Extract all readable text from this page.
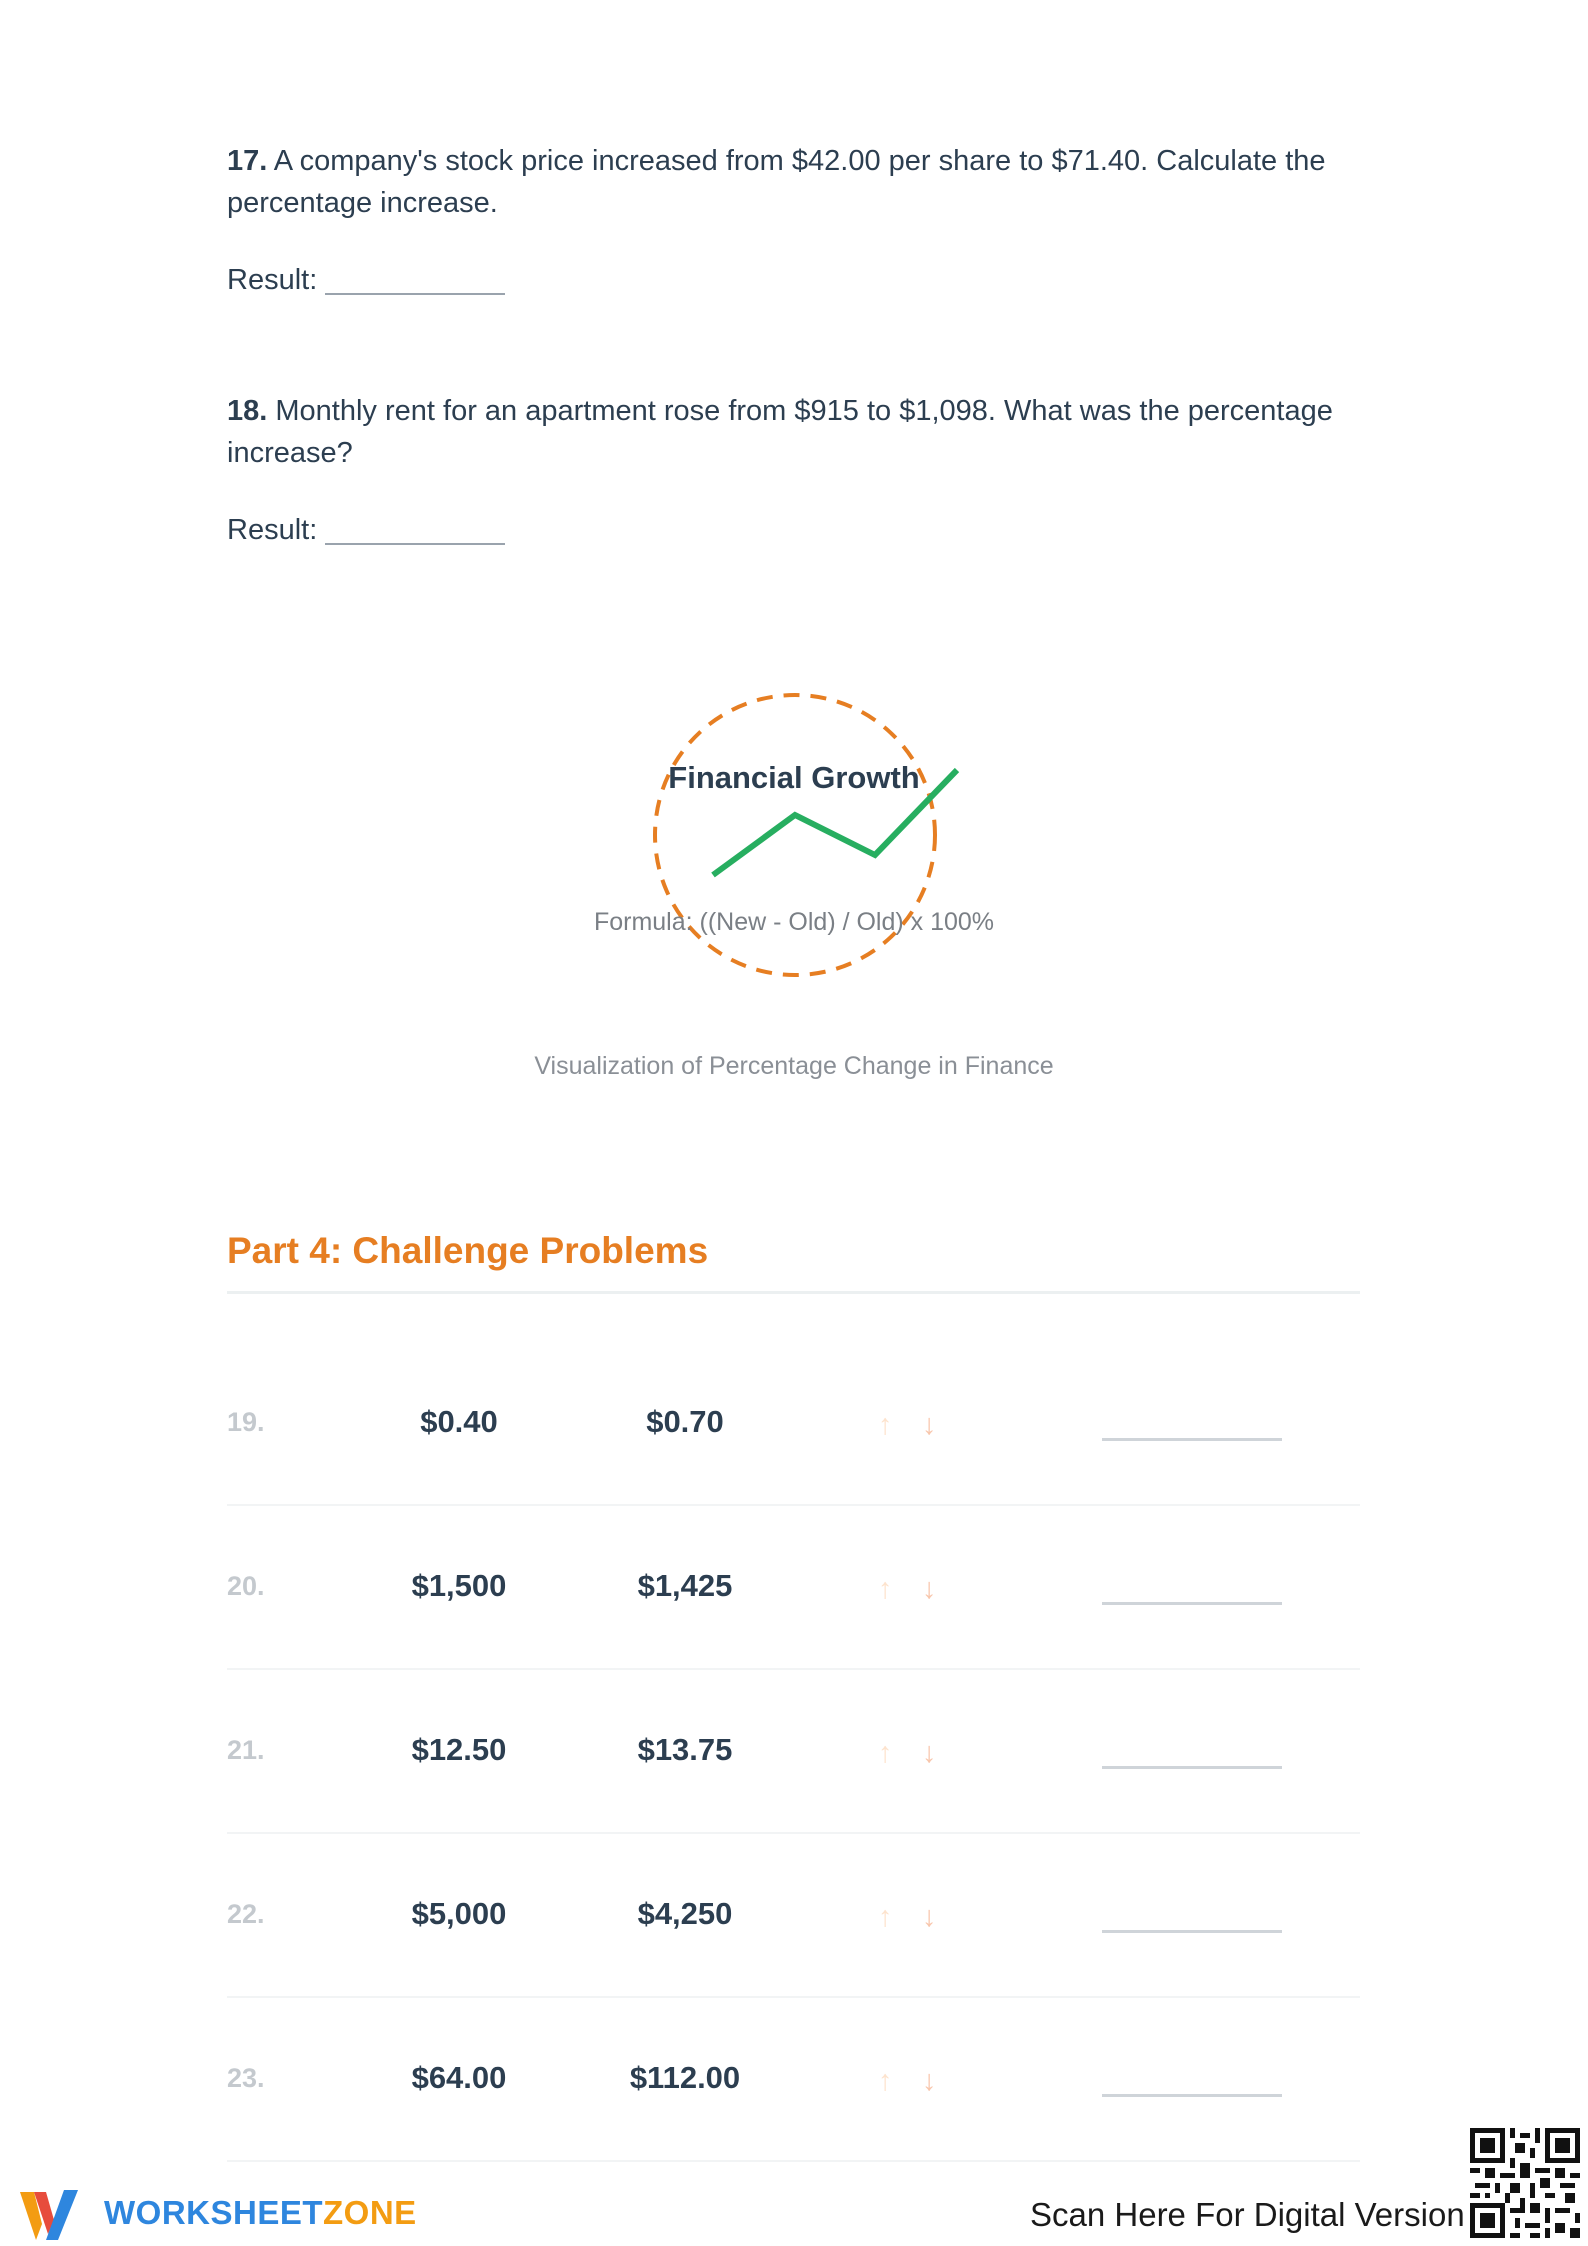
17. A company's stock price increased from $42.00 per share to $71.40. Calculate the percentage increase.
Result:
18. Monthly rent for an apartment rose from $915 to $1,098. What was the percentage increase?
Result:
Financial Growth
Formula: ((New - Old) / Old) x 100%
Visualization of Percentage Change in Finance
Part 4: Challenge Problems
19.	$0.40	$0.70	↑ ↓
20.	$1,500	$1,425	↑ ↓
21.	$12.50	$13.75	↑ ↓
22.	$5,000	$4,250	↑ ↓
23.	$64.00	$112.00	↑ ↓
WORKSHEETZONE	Scan Here For Digital Version
